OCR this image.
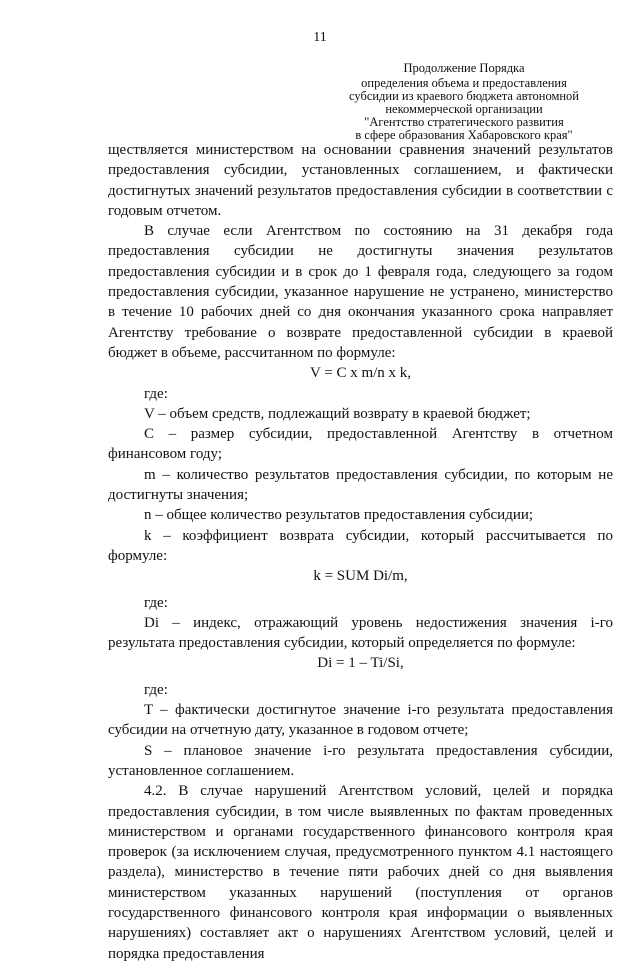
11
Продолжение Порядка
определения объема и предоставления
субсидии из краевого бюджета автономной
некоммерческой организации
"Агентство стратегического развития
в сфере образования Хабаровского края"

ществляется министерством на основании сравнения значений результатов предоставления субсидии, установленных соглашением, и фактически достигнутых значений результатов предоставления субсидии в соответствии с годовым отчетом.

В случае если Агентством по состоянию на 31 декабря года предоставления субсидии не достигнуты значения результатов предоставления субсидии и в срок до 1 февраля года, следующего за годом предоставления субсидии, указанное нарушение не устранено, министерство в течение 10 рабочих дней со дня окончания указанного срока направляет Агентству требование о возврате предоставленной субсидии в краевой бюджет в объеме, рассчитанном по формуле:

V = С x m/n x k,

где:

V – объем средств, подлежащий возврату в краевой бюджет;

С – размер субсидии, предоставленной Агентству в отчетном финансовом году;

m – количество результатов предоставления субсидии, по которым не достигнуты значения;

n – общее количество результатов предоставления субсидии;

k – коэффициент возврата субсидии, который рассчитывается по формуле:

k = SUM Di/m,

где:

Di – индекс, отражающий уровень недостижения значения i-го результата предоставления субсидии, который определяется по формуле:

Di = 1 – Ti/Si,

где:

T – фактически достигнутое значение i-го результата предоставления субсидии на отчетную дату, указанное в годовом отчете;

S – плановое значение i-го результата предоставления субсидии, установленное соглашением.

4.2. В случае нарушений Агентством условий, целей и порядка предоставления субсидии, в том числе выявленных по фактам проведенных министерством и органами государственного финансового контроля края проверок (за исключением случая, предусмотренного пунктом 4.1 настоящего раздела), министерство в течение пяти рабочих дней со дня выявления министерством указанных нарушений (поступления от органов государственного финансового контроля края информации о выявленных нарушениях) составляет акт о нарушениях Агентством условий, целей и порядка предоставления
